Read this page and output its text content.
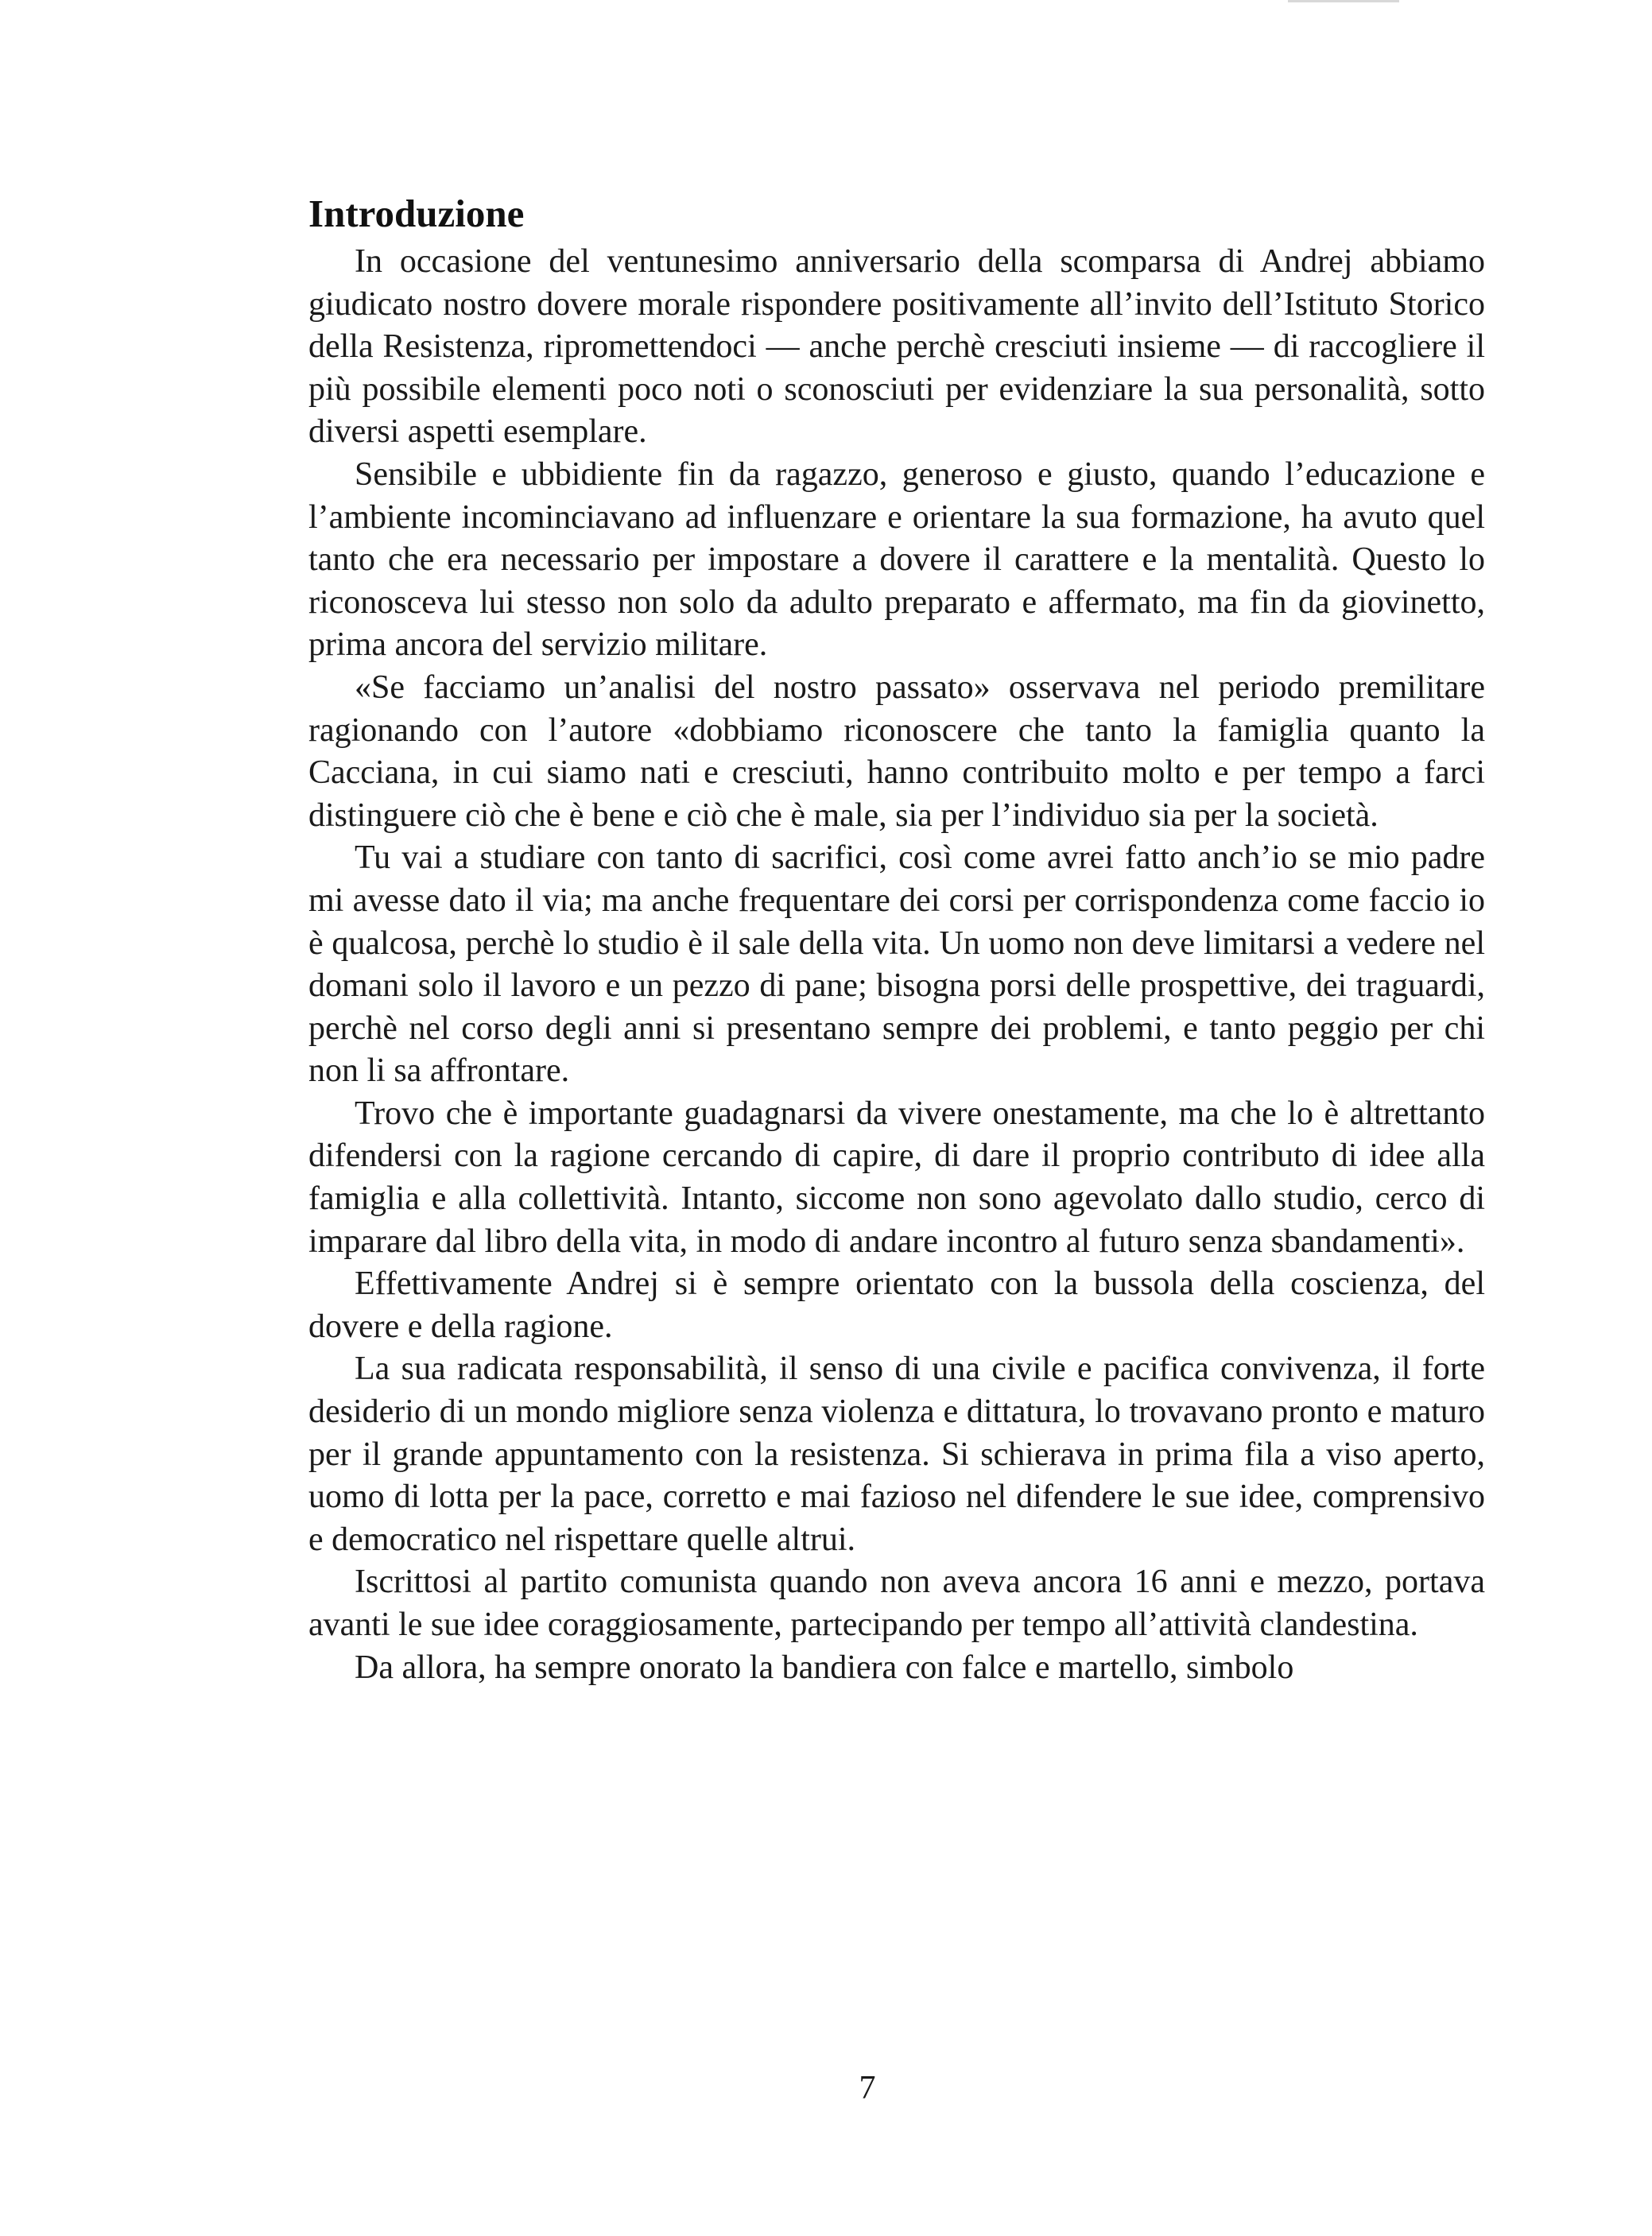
Introduzione

In occasione del ventunesimo anniversario della scomparsa di Andrej abbiamo giudicato nostro dovere morale rispondere positivamente all’invito dell’Istituto Storico della Resistenza, ripromettendoci — anche perchè cresciuti insieme — di raccogliere il più possibile elementi poco noti o sconosciuti per evidenziare la sua personalità, sotto diversi aspetti esemplare.

Sensibile e ubbidiente fin da ragazzo, generoso e giusto, quando l’educazione e l’ambiente incominciavano ad influenzare e orientare la sua formazione, ha avuto quel tanto che era necessario per impostare a dovere il carattere e la mentalità. Questo lo riconosceva lui stesso non solo da adulto preparato e affermato, ma fin da giovinetto, prima ancora del servizio militare.

«Se facciamo un’analisi del nostro passato» osservava nel periodo premilitare ragionando con l’autore «dobbiamo riconoscere che tanto la famiglia quanto la Cacciana, in cui siamo nati e cresciuti, hanno contribuito molto e per tempo a farci distinguere ciò che è bene e ciò che è male, sia per l’individuo sia per la società.

Tu vai a studiare con tanto di sacrifici, così come avrei fatto anch’io se mio padre mi avesse dato il via; ma anche frequentare dei corsi per corrispondenza come faccio io è qualcosa, perchè lo studio è il sale della vita. Un uomo non deve limitarsi a vedere nel domani solo il lavoro e un pezzo di pane; bisogna porsi delle prospettive, dei traguardi, perchè nel corso degli anni si presentano sempre dei problemi, e tanto peggio per chi non li sa affrontare.

Trovo che è importante guadagnarsi da vivere onestamente, ma che lo è altrettanto difendersi con la ragione cercando di capire, di dare il proprio contributo di idee alla famiglia e alla collettività. Intanto, siccome non sono agevolato dallo studio, cerco di imparare dal libro della vita, in modo di andare incontro al futuro senza sbandamenti».

Effettivamente Andrej si è sempre orientato con la bussola della coscienza, del dovere e della ragione.

La sua radicata responsabilità, il senso di una civile e pacifica convivenza, il forte desiderio di un mondo migliore senza violenza e dittatura, lo trovavano pronto e maturo per il grande appuntamento con la resistenza. Si schierava in prima fila a viso aperto, uomo di lotta per la pace, corretto e mai fazioso nel difendere le sue idee, comprensivo e democratico nel rispettare quelle altrui.

Iscrittosi al partito comunista quando non aveva ancora 16 anni e mezzo, portava avanti le sue idee coraggiosamente, partecipando per tempo all’attività clandestina.

Da allora, ha sempre onorato la bandiera con falce e martello, simbolo

7
